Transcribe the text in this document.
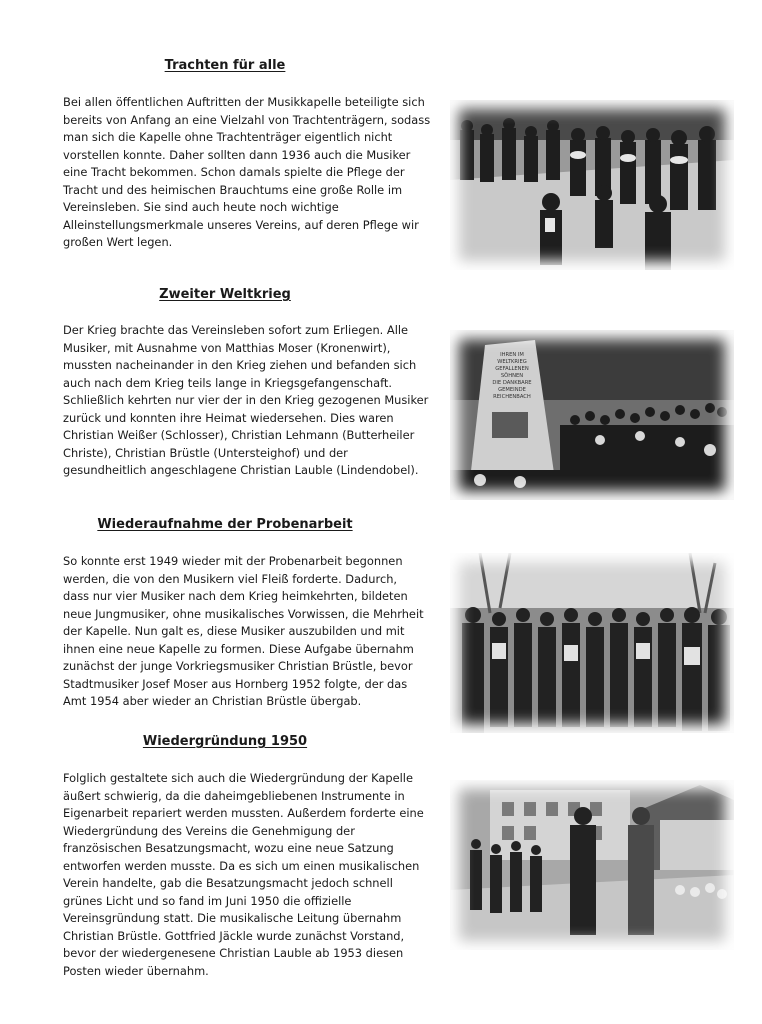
Trachten für alle
Bei allen öffentlichen Auftritten der Musikkapelle beteiligte sich
bereits von Anfang an eine Vielzahl von Trachtenträgern, sodass
man sich die Kapelle ohne Trachtenträger eigentlich nicht
vorstellen konnte. Daher sollten dann 1936 auch die Musiker
eine Tracht bekommen. Schon damals spielte die Pflege der
Tracht und des heimischen Brauchtums eine große Rolle im
Vereinsleben. Sie sind auch heute noch wichtige
Alleinstellungsmerkmale unseres Vereins, auf deren Pflege wir
großen Wert legen.
Zweiter Weltkrieg
Der Krieg brachte das Vereinsleben sofort zum Erliegen. Alle
Musiker, mit Ausnahme von Matthias Moser (Kronenwirt),
mussten nacheinander in den Krieg ziehen und befanden sich
auch nach dem Krieg teils lange in Kriegsgefangenschaft.
Schließlich kehrten nur vier der in den Krieg gezogenen Musiker
zurück und konnten ihre Heimat wiedersehen. Dies waren
Christian Weißer (Schlosser), Christian Lehmann (Butterheiler
Christe), Christian Brüstle (Untersteighof) und der
gesundheitlich angeschlagene Christian Lauble (Lindendobel).
IHREN IM
WELTKRIEG
GEFALLENEN
SÖHNEN
DIE DANKBARE
GEMEINDE
REICHENBACH
Wiederaufnahme der Probenarbeit
So konnte erst 1949 wieder mit der Probenarbeit begonnen
werden, die von den Musikern viel Fleiß forderte. Dadurch,
dass nur vier Musiker nach dem Krieg heimkehrten, bildeten
neue Jungmusiker, ohne musikalisches Vorwissen, die Mehrheit
der Kapelle. Nun galt es, diese Musiker auszubilden und mit
ihnen eine neue Kapelle zu formen. Diese Aufgabe übernahm
zunächst der junge Vorkriegsmusiker Christian Brüstle, bevor
Stadtmusiker Josef Moser aus Hornberg 1952 folgte, der das
Amt 1954 aber wieder an Christian Brüstle übergab.
Wiedergründung 1950
Folglich gestaltete sich auch die Wiedergründung der Kapelle
äußert schwierig, da die daheimgebliebenen Instrumente in
Eigenarbeit repariert werden mussten. Außerdem forderte eine
Wiedergründung des Vereins die Genehmigung der
französischen Besatzungsmacht, wozu eine neue Satzung
entworfen werden musste. Da es sich um einen musikalischen
Verein handelte, gab die Besatzungsmacht jedoch schnell
grünes Licht und so fand im Juni 1950 die offizielle
Vereinsgründung statt. Die musikalische Leitung übernahm
Christian Brüstle. Gottfried Jäckle wurde zunächst Vorstand,
bevor der wiedergenesene Christian Lauble ab 1953 diesen
Posten wieder übernahm.
